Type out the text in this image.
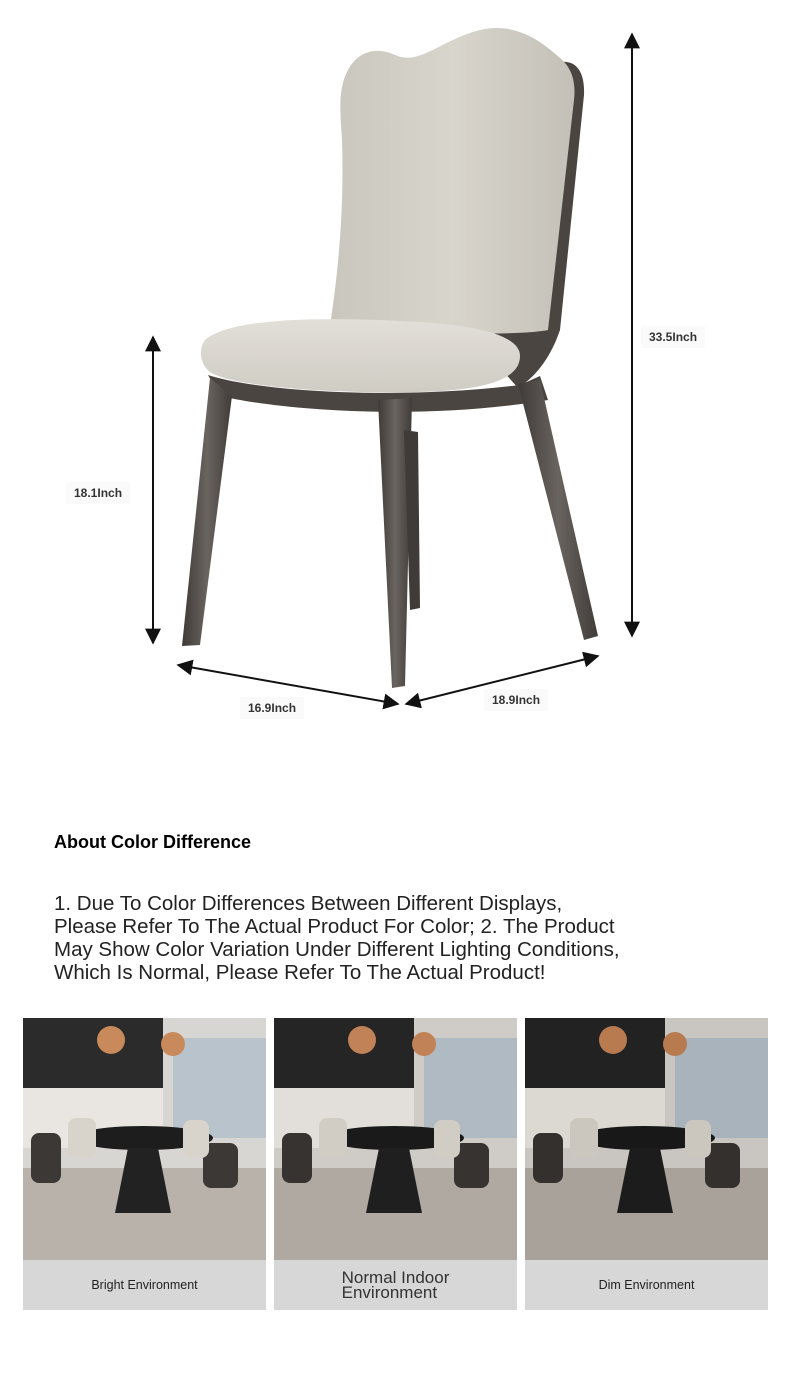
33.5Inch
18.1Inch
16.9Inch
18.9Inch
About Color Difference
1. Due To Color Differences Between Different Displays,
Please Refer To The Actual Product For Color; 2. The Product
May Show Color Variation Under Different Lighting Conditions,
Which Is Normal, Please Refer To The Actual Product!
Bright Environment	Normal Indoor
Environment	Dim Environment
